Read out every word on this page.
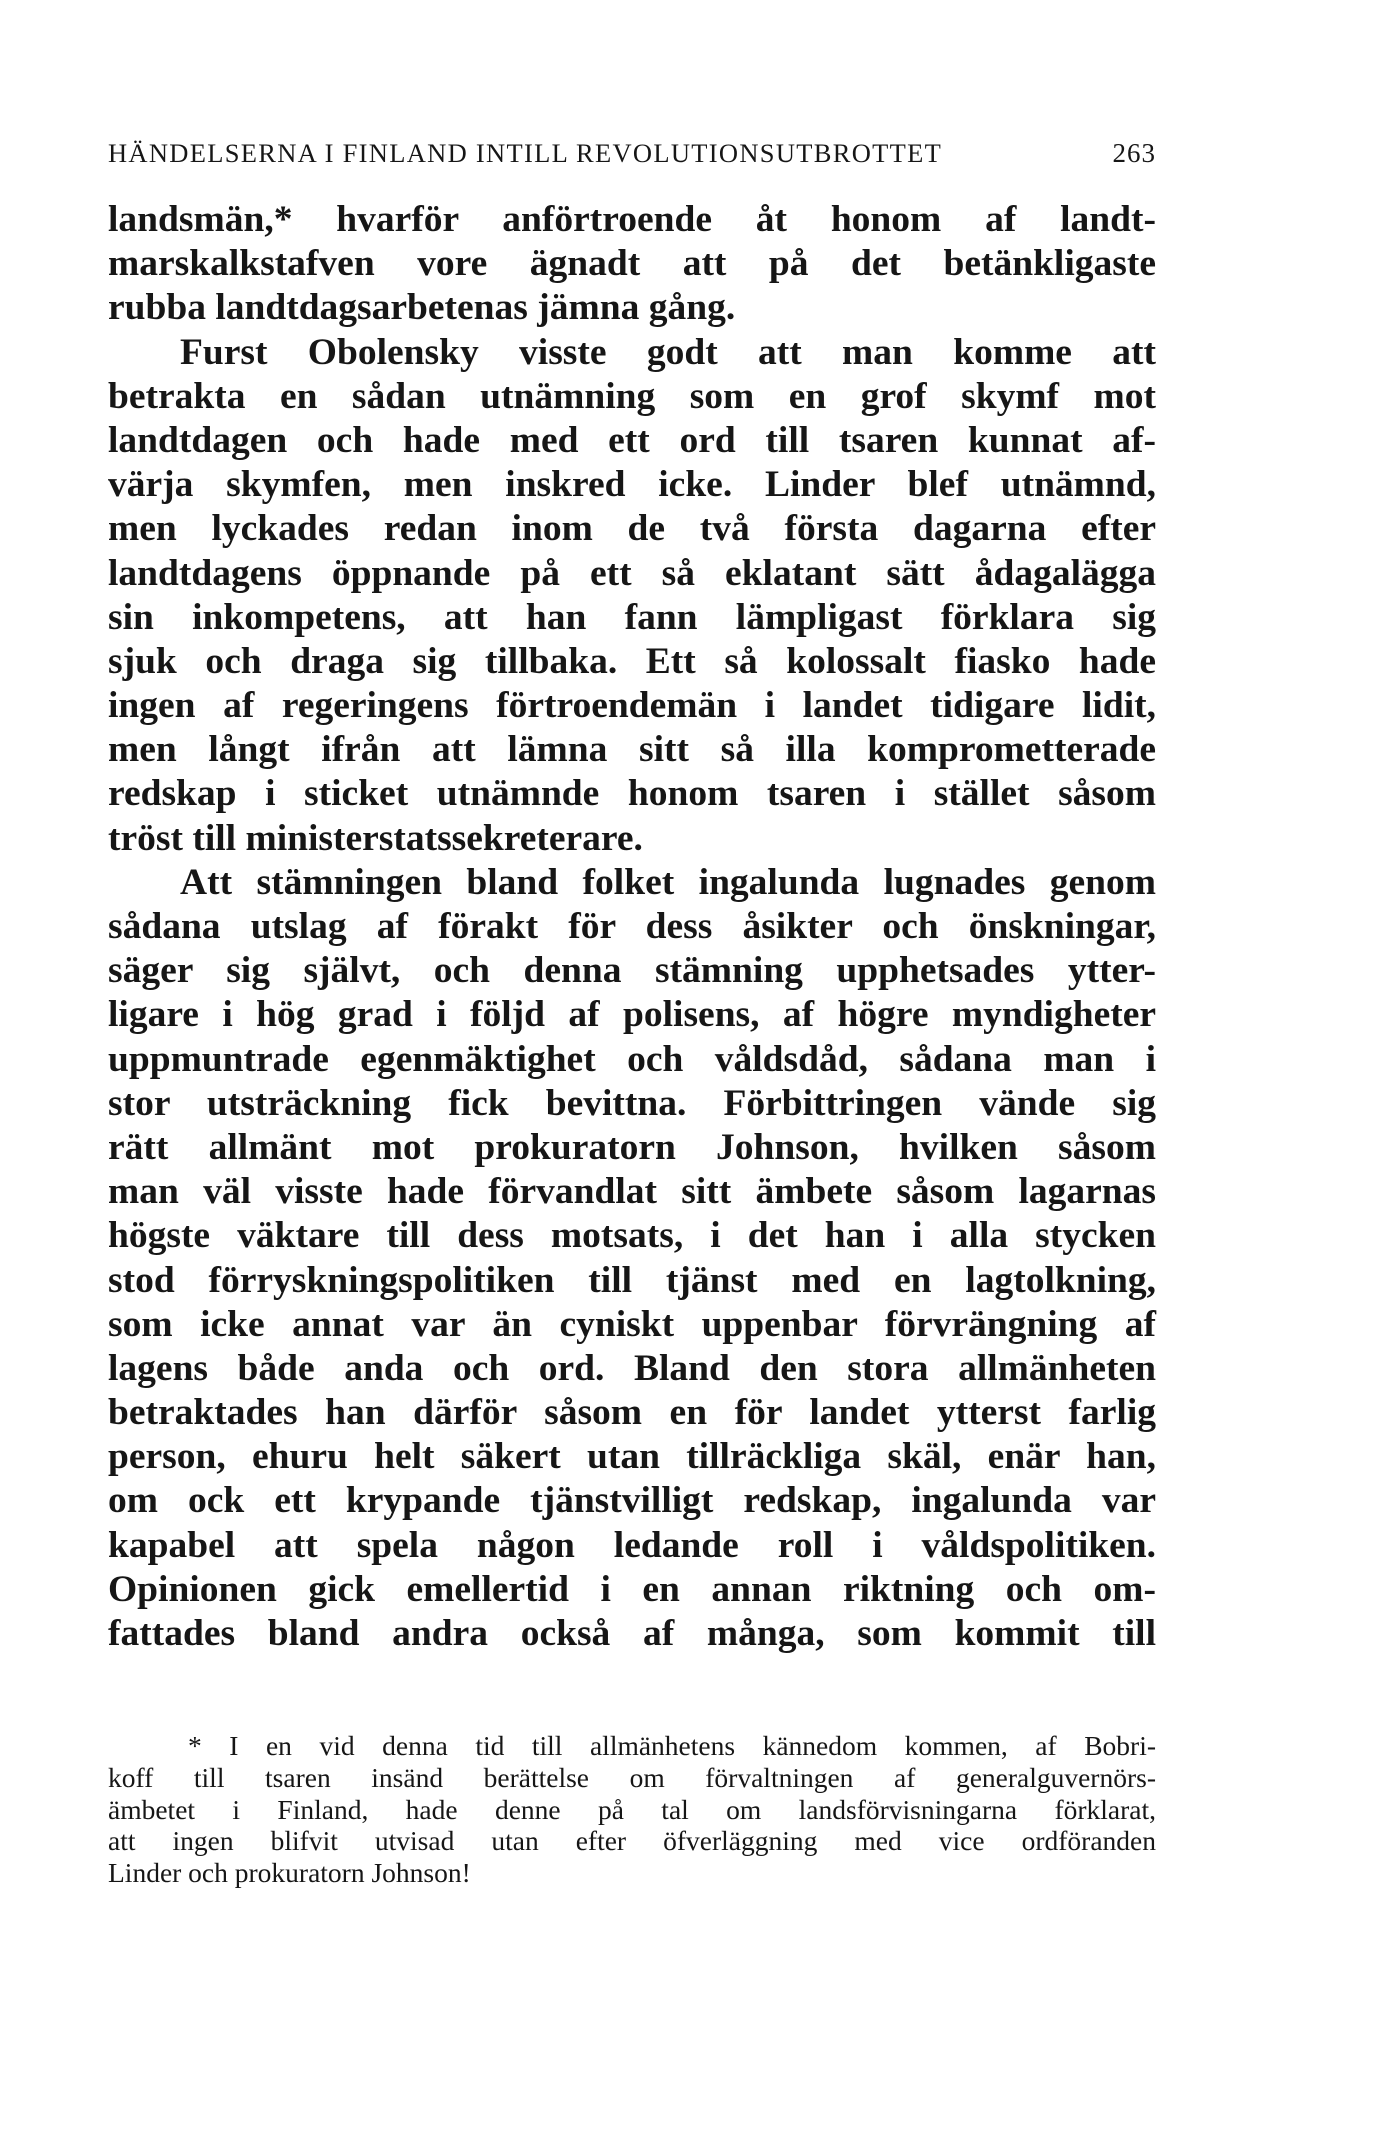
HÄNDELSERNA I FINLAND INTILL REVOLUTIONSUTBROTTET	263
landsmän,* hvarför anförtroende åt honom af landt-
marskalkstafven vore ägnadt att på det betänkligaste
rubba landtdagsarbetenas jämna gång.
Furst Obolensky visste godt att man komme att
betrakta en sådan utnämning som en grof skymf mot
landtdagen och hade med ett ord till tsaren kunnat af-
värja skymfen, men inskred icke. Linder blef utnämnd,
men lyckades redan inom de två första dagarna efter
landtdagens öppnande på ett så eklatant sätt ådagalägga
sin inkompetens, att han fann lämpligast förklara sig
sjuk och draga sig tillbaka. Ett så kolossalt fiasko hade
ingen af regeringens förtroendemän i landet tidigare lidit,
men långt ifrån att lämna sitt så illa komprometterade
redskap i sticket utnämnde honom tsaren i stället såsom
tröst till ministerstatssekreterare.
Att stämningen bland folket ingalunda lugnades genom
sådana utslag af förakt för dess åsikter och önskningar,
säger sig självt, och denna stämning upphetsades ytter-
ligare i hög grad i följd af polisens, af högre myndigheter
uppmuntrade egenmäktighet och våldsdåd, sådana man i
stor utsträckning fick bevittna. Förbittringen vände sig
rätt allmänt mot prokuratorn Johnson, hvilken såsom
man väl visste hade förvandlat sitt ämbete såsom lagarnas
högste väktare till dess motsats, i det han i alla stycken
stod förryskningspolitiken till tjänst med en lagtolkning,
som icke annat var än cyniskt uppenbar förvrängning af
lagens både anda och ord. Bland den stora allmänheten
betraktades han därför såsom en för landet ytterst farlig
person, ehuru helt säkert utan tillräckliga skäl, enär han,
om ock ett krypande tjänstvilligt redskap, ingalunda var
kapabel att spela någon ledande roll i våldspolitiken.
Opinionen gick emellertid i en annan riktning och om-
fattades bland andra också af många, som kommit till
* I en vid denna tid till allmänhetens kännedom kommen, af Bobri-
koff till tsaren insänd berättelse om förvaltningen af generalguvernörs-
ämbetet i Finland, hade denne på tal om landsförvisningarna förklarat,
att ingen blifvit utvisad utan efter öfverläggning med vice ordföranden
Linder och prokuratorn Johnson!
